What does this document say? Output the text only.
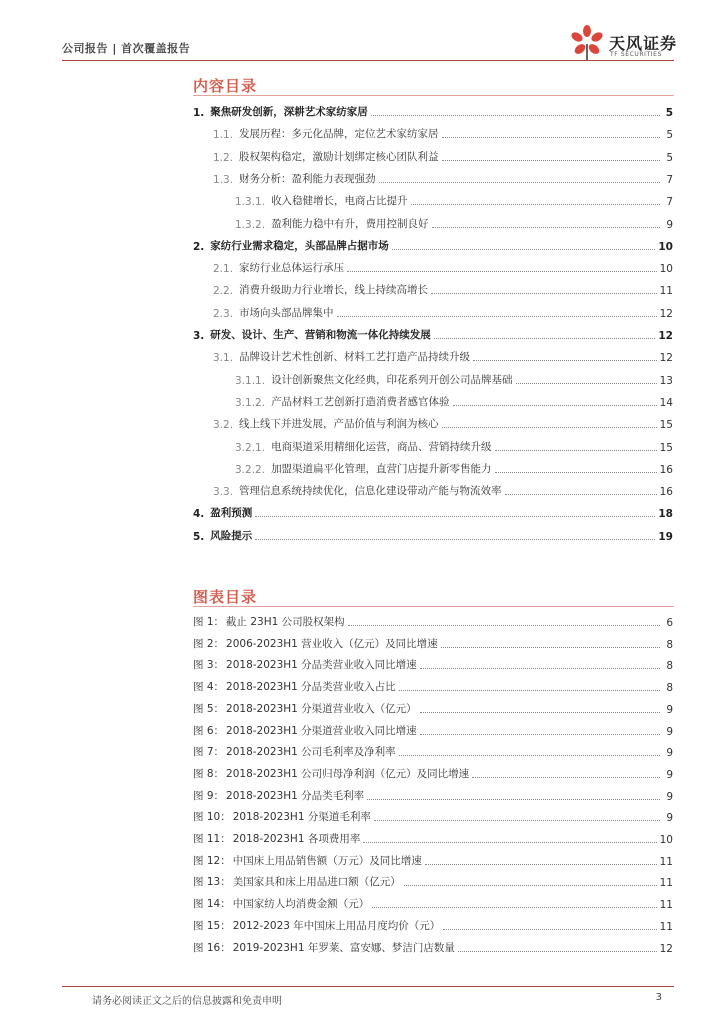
公司报告 | 首次覆盖报告	天风证券
TF SECURITIES
内容目录
1. 聚焦研发创新，深耕艺术家纺家居	5
1.1. 发展历程：多元化品牌，定位艺术家纺家居	5
1.2. 股权架构稳定，激励计划绑定核心团队利益	5
1.3. 财务分析：盈利能力表现强劲	7
1.3.1. 收入稳健增长，电商占比提升	7
1.3.2. 盈利能力稳中有升，费用控制良好	9
2. 家纺行业需求稳定，头部品牌占据市场	10
2.1. 家纺行业总体运行承压	10
2.2. 消费升级助力行业增长，线上持续高增长	11
2.3. 市场向头部品牌集中	12
3. 研发、设计、生产、营销和物流一体化持续发展	12
3.1. 品牌设计艺术性创新、材料工艺打造产品持续升级	12
3.1.1. 设计创新聚焦文化经典，印花系列开创公司品牌基础	13
3.1.2. 产品材料工艺创新打造消费者感官体验	14
3.2. 线上线下并进发展，产品价值与利润为核心	15
3.2.1. 电商渠道采用精细化运营，商品、营销持续升级	15
3.2.2. 加盟渠道扁平化管理，直营门店提升新零售能力	16
3.3. 管理信息系统持续优化，信息化建设带动产能与物流效率	16
4. 盈利预测	18
5. 风险提示	19
图表目录
图 1： 截止 23H1 公司股权架构	6
图 2： 2006-2023H1 营业收入（亿元）及同比增速	8
图 3： 2018-2023H1 分品类营业收入同比增速	8
图 4： 2018-2023H1 分品类营业收入占比	8
图 5： 2018-2023H1 分渠道营业收入（亿元）	9
图 6： 2018-2023H1 分渠道营业收入同比增速	9
图 7： 2018-2023H1 公司毛利率及净利率	9
图 8： 2018-2023H1 公司归母净利润（亿元）及同比增速	9
图 9： 2018-2023H1 分品类毛利率	9
图 10： 2018-2023H1 分渠道毛利率	9
图 11： 2018-2023H1 各项费用率	10
图 12： 中国床上用品销售额（万元）及同比增速	11
图 13： 美国家具和床上用品进口额（亿元）	11
图 14： 中国家纺人均消费金额（元）	11
图 15： 2012-2023 年中国床上用品月度均价（元）	11
图 16： 2019-2023H1 年罗莱、富安娜、梦洁门店数量	12
请务必阅读正文之后的信息披露和免责申明	3
